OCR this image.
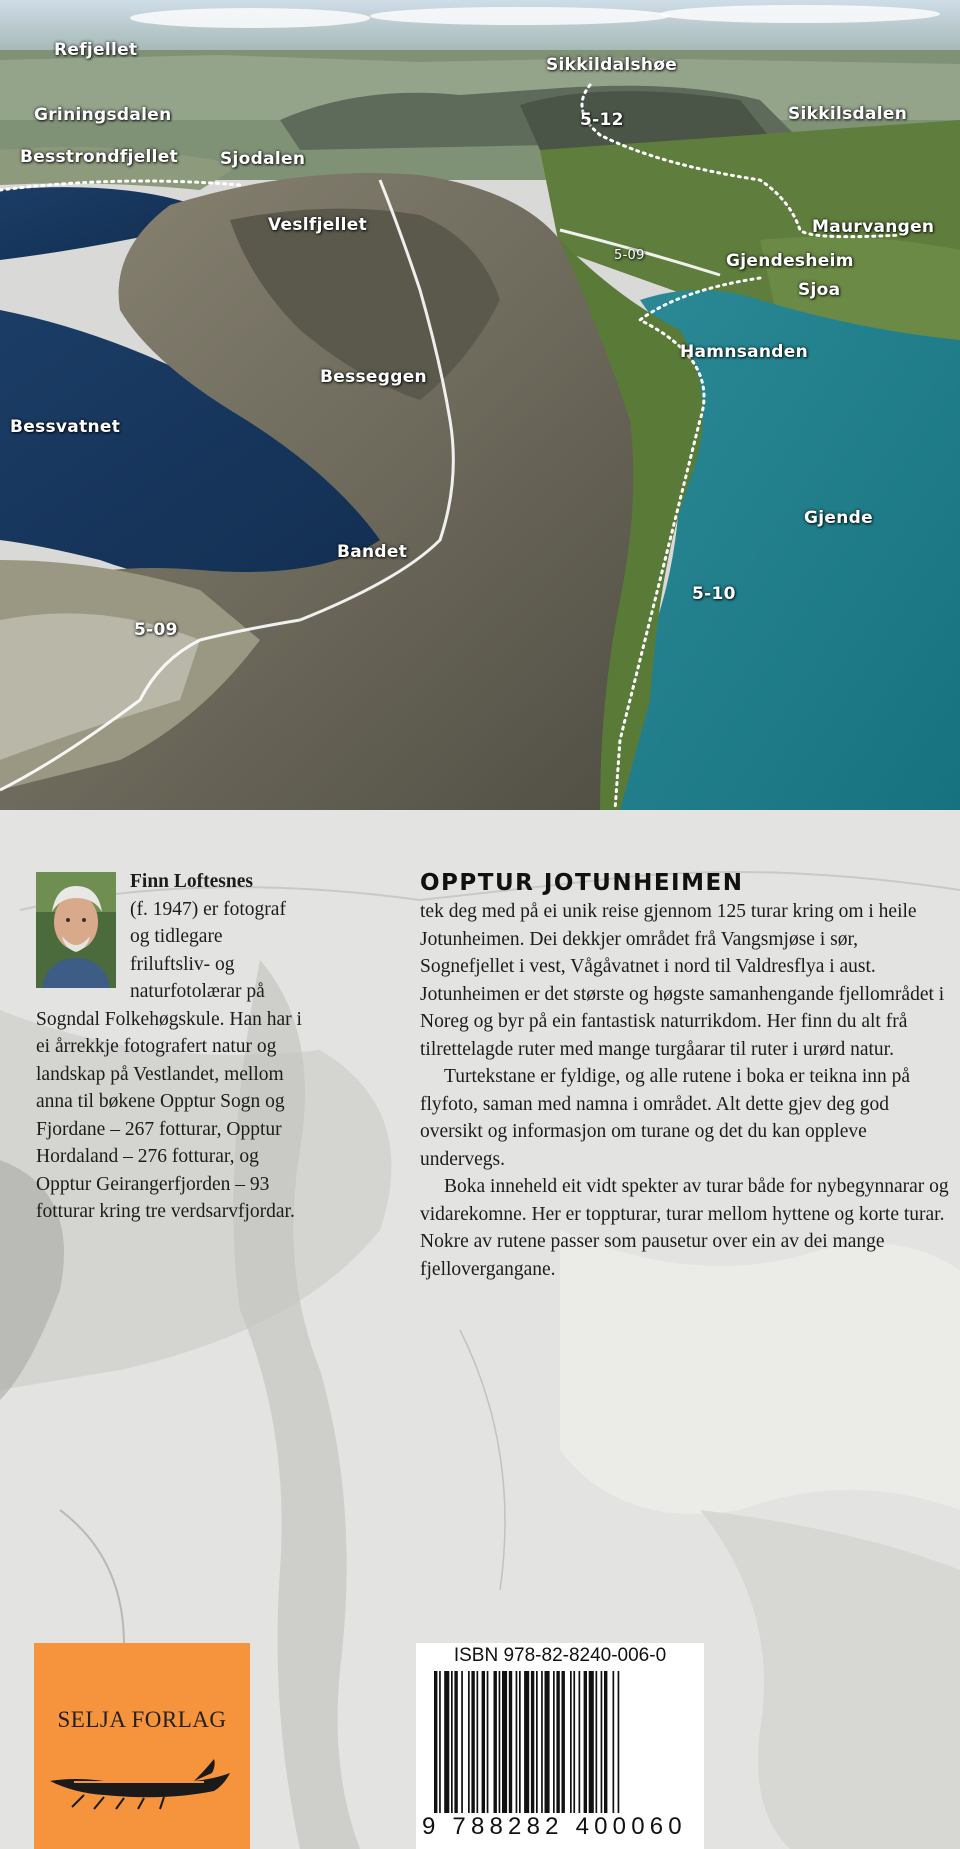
Refjellet
Griningsdalen
Besstrondfjellet Sjodalen
Sikkildalshøe
Sikkilsdalen
5-12
Veslfjellet	Maurvangen
Gjendesheim
Sjoa
5-09
Hamnsanden
Besseggen
Bessvatnet
Gjende
Bandet
5-10
5-09
Finn Loftesnes
(f. 1947) er fotograf og tidlegare friluftsliv- og naturfotolærar på Sogndal Folkehøgskule. Han har i ei årrekkje fotografert natur og landskap på Vestlandet, mellom anna til bøkene Opptur Sogn og Fjordane – 267 fotturar, Opptur Hordaland – 276 fotturar, og Opptur Geirangerfjorden – 93 fotturar kring tre verdsarvfjordar.
OPPTUR JOTUNHEIMEN

tek deg med på ei unik reise gjennom 125 turar kring om i heile Jotunheimen. Dei dekkjer området frå Vangsmjøse i sør, Sognefjellet i vest, Vågåvatnet i nord til Valdresflya i aust. Jotunheimen er det største og høgste samanhengande fjellområdet i Noreg og byr på ein fantastisk naturrikdom. Her finn du alt frå tilrettelagde ruter med mange turgåarar til ruter i urørd natur.

Turtekstane er fyldige, og alle rutene i boka er teikna inn på flyfoto, saman med namna i området. Alt dette gjev deg god oversikt og informasjon om turane og det du kan oppleve undervegs.

Boka inneheld eit vidt spekter av turar både for nybegynnarar og vidarekomne. Her er toppturar, turar mellom hyttene og korte turar. Nokre av rutene passer som pausetur over ein av dei mange fjellovergangane.

SELJA FORLAG
ISBN 978-82-8240-006-0
9 788282 400060
